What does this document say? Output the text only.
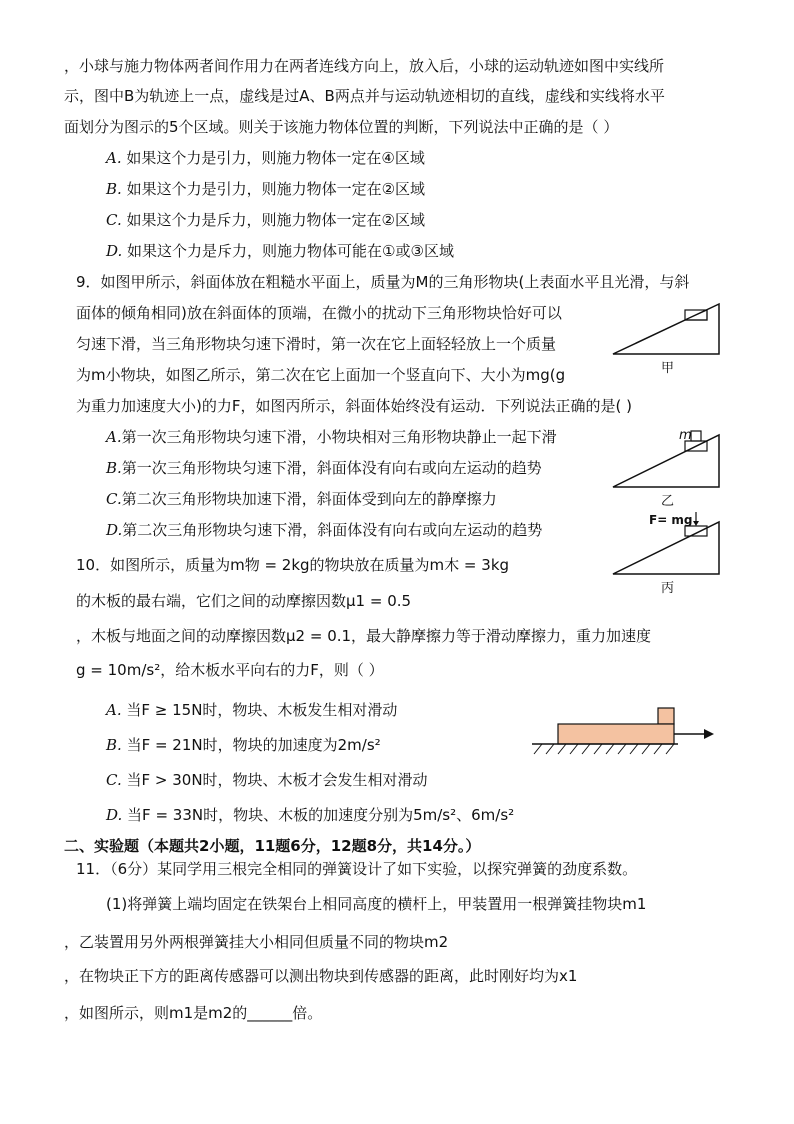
，小球与施力物体两者间作用力在两者连线方向上，放入后，小球的运动轨迹如图中实线所
示，图中B为轨迹上一点，虚线是过A、B两点并与运动轨迹相切的直线，虚线和实线将水平
面划分为图示的5个区域。则关于该施力物体位置的判断，下列说法中正确的是（ ）
A. 如果这个力是引力，则施力物体一定在④区域
B. 如果这个力是引力，则施力物体一定在②区域
C. 如果这个力是斥力，则施力物体一定在②区域
D. 如果这个力是斥力，则施力物体可能在①或③区域
9．如图甲所示，斜面体放在粗糙水平面上，质量为M的三角形物块(上表面水平且光滑，与斜
面体的倾角相同)放在斜面体的顶端，在微小的扰动下三角形物块恰好可以
匀速下滑，当三角形物块匀速下滑时，第一次在它上面轻轻放上一个质量
为m小物块，如图乙所示，第二次在它上面加一个竖直向下、大小为mg(g
为重力加速度大小)的力F，如图丙所示，斜面体始终没有运动．下列说法正确的是( )
A.第一次三角形物块匀速下滑，小物块相对三角形物块静止一起下滑
B.第一次三角形物块匀速下滑，斜面体没有向右或向左运动的趋势
C.第二次三角形物块加速下滑，斜面体受到向左的静摩擦力
D.第二次三角形物块匀速下滑，斜面体没有向右或向左运动的趋势
甲
m
乙
F= mg
丙
10．如图所示，质量为m物 = 2kg的物块放在质量为m木 = 3kg
的木板的最右端，它们之间的动摩擦因数μ1 = 0.5
，木板与地面之间的动摩擦因数μ2 = 0.1，最大静摩擦力等于滑动摩擦力，重力加速度
g = 10m/s²，给木板水平向右的力F，则（ ）
A. 当F ≥ 15N时，物块、木板发生相对滑动
B. 当F = 21N时，物块的加速度为2m/s²
C. 当F > 30N时，物块、木板才会发生相对滑动
D. 当F = 33N时，物块、木板的加速度分别为5m/s²、6m/s²
二、实验题（本题共2小题，11题6分，12题8分，共14分。）
11．（6分）某同学用三根完全相同的弹簧设计了如下实验，以探究弹簧的劲度系数。
(1)将弹簧上端均固定在铁架台上相同高度的横杆上，甲装置用一根弹簧挂物块m1
，乙装置用另外两根弹簧挂大小相同但质量不同的物块m2
，在物块正下方的距离传感器可以测出物块到传感器的距离，此时刚好均为x1
，如图所示，则m1是m2的______倍。
